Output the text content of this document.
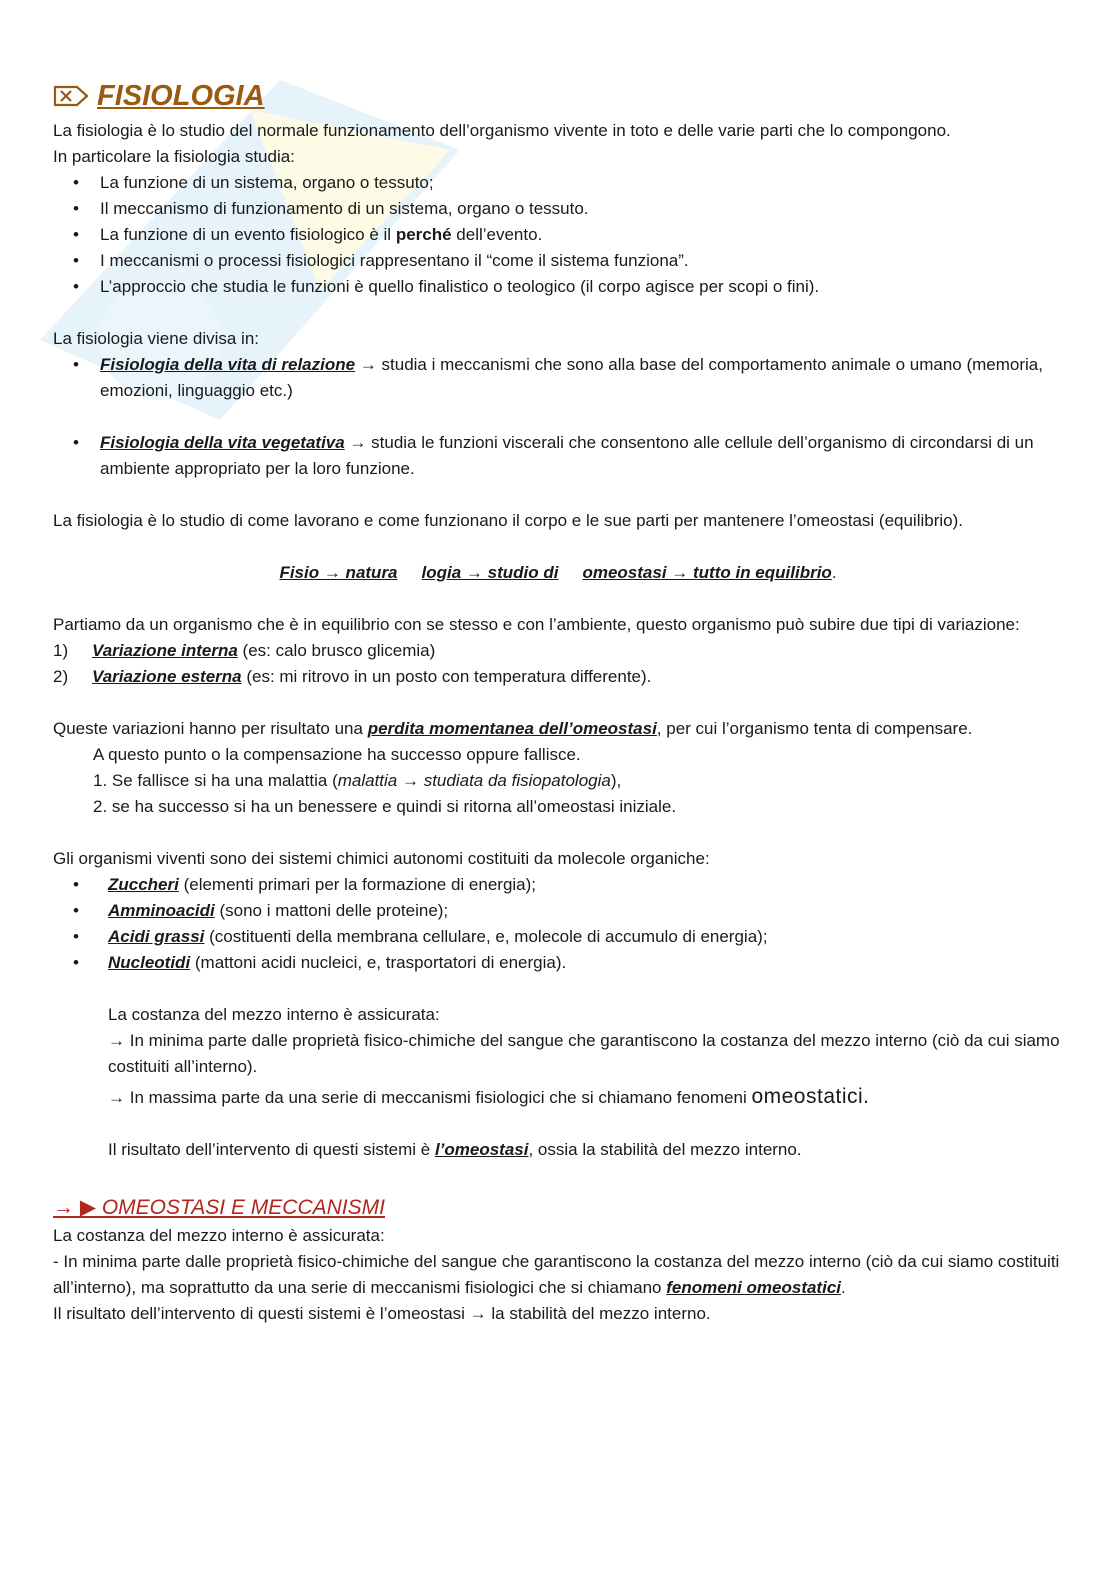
FISIOLOGIA

La fisiologia è lo studio del normale funzionamento dell’organismo vivente in toto e delle varie parti che lo compongono.

In particolare la fisiologia studia:

• La funzione di un sistema, organo o tessuto;
• Il meccanismo di funzionamento di un sistema, organo o tessuto.
• La funzione di un evento fisiologico è il perché dell’evento.
• I meccanismi o processi fisiologici rappresentano il “come il sistema funziona”.
• L’approccio che studia le funzioni è quello finalistico o teologico (il corpo agisce per scopi o fini).

La fisiologia viene divisa in:

• Fisiologia della vita di relazione → studia i meccanismi che sono alla base del comportamento animale o umano (memoria, emozioni, linguaggio etc.)
• Fisiologia della vita vegetativa → studia le funzioni viscerali che consentono alle cellule dell’organismo di circondarsi di un ambiente appropriato per la loro funzione.

La fisiologia è lo studio di come lavorano e come funzionano il corpo e le sue parti per mantenere l’omeostasi (equilibrio).

Fisio → natura logia → studio di omeostasi → tutto in equilibrio.

Partiamo da un organismo che è in equilibrio con se stesso e con l’ambiente, questo organismo può subire due tipi di variazione:

1)	Variazione interna (es: calo brusco glicemia)
2)	Variazione esterna (es: mi ritrovo in un posto con temperatura differente).

Queste variazioni hanno per risultato una perdita momentanea dell’omeostasi, per cui l’organismo tenta di compensare.

A questo punto o la compensazione ha successo oppure fallisce.

1. Se fallisce si ha una malattia (malattia → studiata da fisiopatologia),

2. se ha successo si ha un benessere e quindi si ritorna all’omeostasi iniziale.

Gli organismi viventi sono dei sistemi chimici autonomi costituiti da molecole organiche:

• Zuccheri (elementi primari per la formazione di energia);
• Amminoacidi (sono i mattoni delle proteine);
• Acidi grassi (costituenti della membrana cellulare, e, molecole di accumulo di energia);
• Nucleotidi (mattoni acidi nucleici, e, trasportatori di energia).

La costanza del mezzo interno è assicurata:

→ In minima parte dalle proprietà fisico-chimiche del sangue che garantiscono la costanza del mezzo interno (ciò da cui siamo costituiti all’interno).

→ In massima parte da una serie di meccanismi fisiologici che si chiamano fenomeni omeostatici.

Il risultato dell’intervento di questi sistemi è l’omeostasi, ossia la stabilità del mezzo interno.

→ ▶ OMEOSTASI E MECCANISMI

La costanza del mezzo interno è assicurata:

- In minima parte dalle proprietà fisico-chimiche del sangue che garantiscono la costanza del mezzo interno (ciò da cui siamo costituiti all’interno), ma soprattutto da una serie di meccanismi fisiologici che si chiamano fenomeni omeostatici.

Il risultato dell’intervento di questi sistemi è l’omeostasi → la stabilità del mezzo interno.
